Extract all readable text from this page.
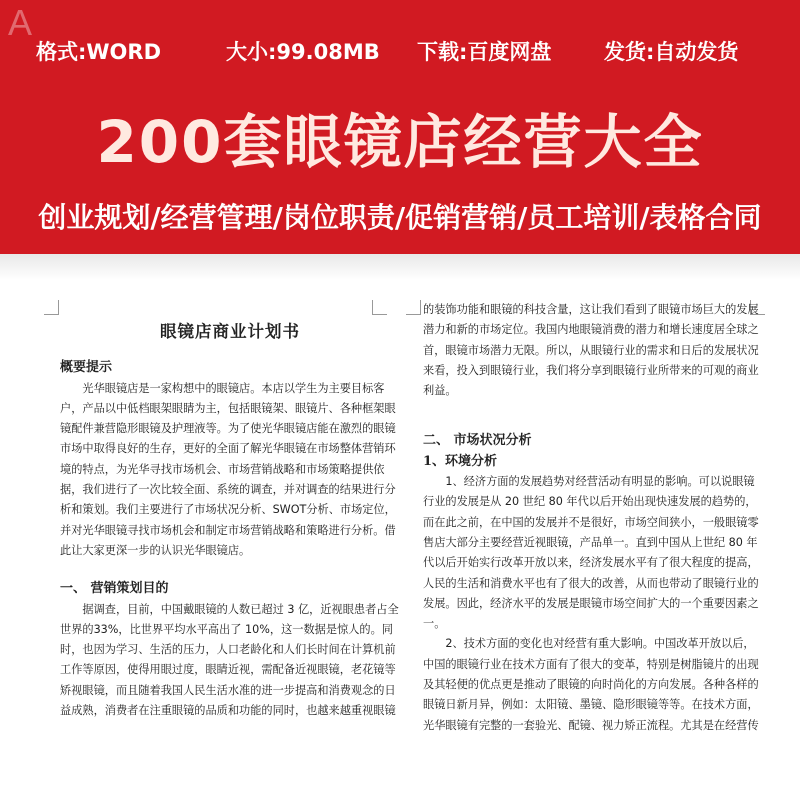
A
格式:WORD	大小:99.08MB 下载:百度网盘	发货:自动发货
200套眼镜店经营大全
创业规划/经营管理/岗位职责/促销营销/员工培训/表格合同

眼镜店商业计划书

概要提示

光华眼镜店是一家构想中的眼镜店。本店以学生为主要目标客户，产品以中低档眼架眼睛为主，包括眼镜架、眼镜片、各种框架眼镜配件兼营隐形眼镜及护理液等。为了使光华眼镜店能在激烈的眼镜市场中取得良好的生存，更好的全面了解光华眼镜在市场整体营销环境的特点，为光华寻找市场机会、市场营销战略和市场策略提供依据，我们进行了一次比较全面、系统的调查，并对调查的结果进行分析和策划。我们主要进行了市场状况分析、SWOT分析、市场定位，并对光华眼镜寻找市场机会和制定市场营销战略和策略进行分析。借此让大家更深一步的认识光华眼镜店。

一、 营销策划目的

据调查，目前，中国戴眼镜的人数已超过 3 亿，近视眼患者占全世界的33%，比世界平均水平高出了 10%，这一数据是惊人的。同时，也因为学习、生活的压力，人口老龄化和人们长时间在计算机前工作等原因，使得用眼过度，眼睛近视，需配备近视眼镜，老花镜等矫视眼镜，而且随着我国人民生活水准的进一步提高和消费观念的日益成熟，消费者在注重眼镜的品质和功能的同时，也越来越重视眼镜

的装饰功能和眼镜的科技含量，这让我们看到了眼镜市场巨大的发展潜力和新的市场定位。我国内地眼镜消费的潜力和增长速度居全球之首，眼镜市场潜力无限。所以，从眼镜行业的需求和日后的发展状况来看，投入到眼镜行业，我们将分享到眼镜行业所带来的可观的商业利益。

二、 市场状况分析

1、环境分析

1、经济方面的发展趋势对经营活动有明显的影响。可以说眼镜行业的发展是从 20 世纪 80 年代以后开始出现快速发展的趋势的，而在此之前，在中国的发展并不是很好，市场空间狭小，一般眼镜零售店大部分主要经营近视眼镜，产品单一。直到中国从上世纪 80 年代以后开始实行改革开放以来，经济发展水平有了很大程度的提高，人民的生活和消费水平也有了很大的改善，从而也带动了眼镜行业的发展。因此，经济水平的发展是眼镜市场空间扩大的一个重要因素之一。

2、技术方面的变化也对经营有重大影响。中国改革开放以后，中国的眼镜行业在技术方面有了很大的变革，特别是树脂镜片的出现及其轻便的优点更是推动了眼镜的向时尚化的方向发展。各种各样的眼镜日新月异，例如：太阳镜、墨镜、隐形眼镜等等。在技术方面，光华眼镜有完整的一套验光、配镜、视力矫正流程。尤其是在经营传
